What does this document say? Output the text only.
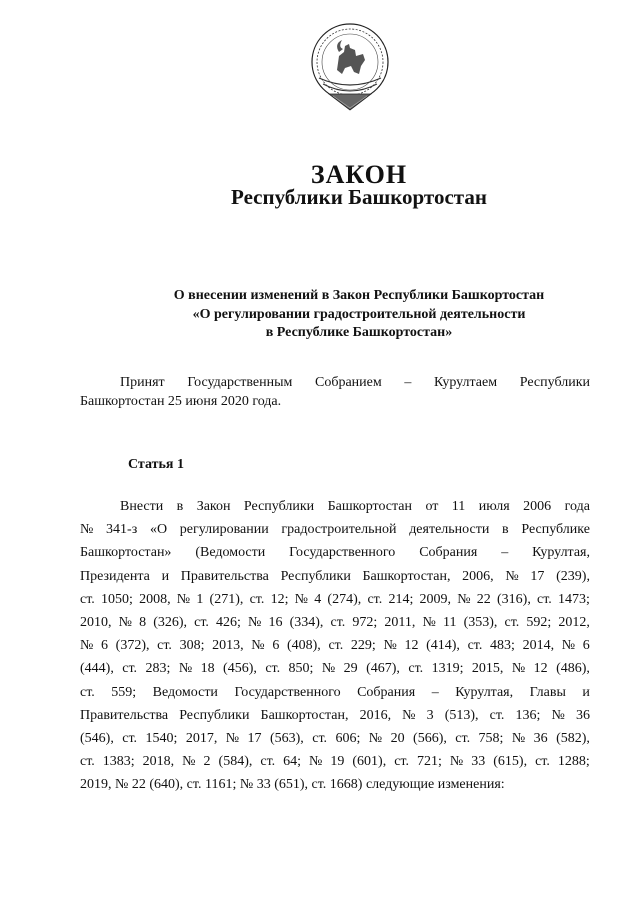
ЗАКОН
Республики Башкортостан
О внесении изменений в Закон Республики Башкортостан
«О регулировании градостроительной деятельности
в Республике Башкортостан»
Принят Государственным Собранием – Курултаем Республики
Башкортостан 25 июня 2020 года.
Статья 1
Внести в Закон Республики Башкортостан от 11 июля 2006 года
№ 341-з «О регулировании градостроительной деятельности в Республике
Башкортостан» (Ведомости Государственного Собрания – Курултая,
Президента и Правительства Республики Башкортостан, 2006, № 17 (239),
ст. 1050; 2008, № 1 (271), ст. 12; № 4 (274), ст. 214; 2009, № 22 (316), ст. 1473;
2010, № 8 (326), ст. 426; № 16 (334), ст. 972; 2011, № 11 (353), ст. 592; 2012,
№ 6 (372), ст. 308; 2013, № 6 (408), ст. 229; № 12 (414), ст. 483; 2014, № 6
(444), ст. 283; № 18 (456), ст. 850; № 29 (467), ст. 1319; 2015, № 12 (486),
ст. 559; Ведомости Государственного Собрания – Курултая, Главы и
Правительства Республики Башкортостан, 2016, № 3 (513), ст. 136; № 36
(546), ст. 1540; 2017, № 17 (563), ст. 606; № 20 (566), ст. 758; № 36 (582),
ст. 1383; 2018, № 2 (584), ст. 64; № 19 (601), ст. 721; № 33 (615), ст. 1288;
2019, № 22 (640), ст. 1161; № 33 (651), ст. 1668) следующие изменения:
